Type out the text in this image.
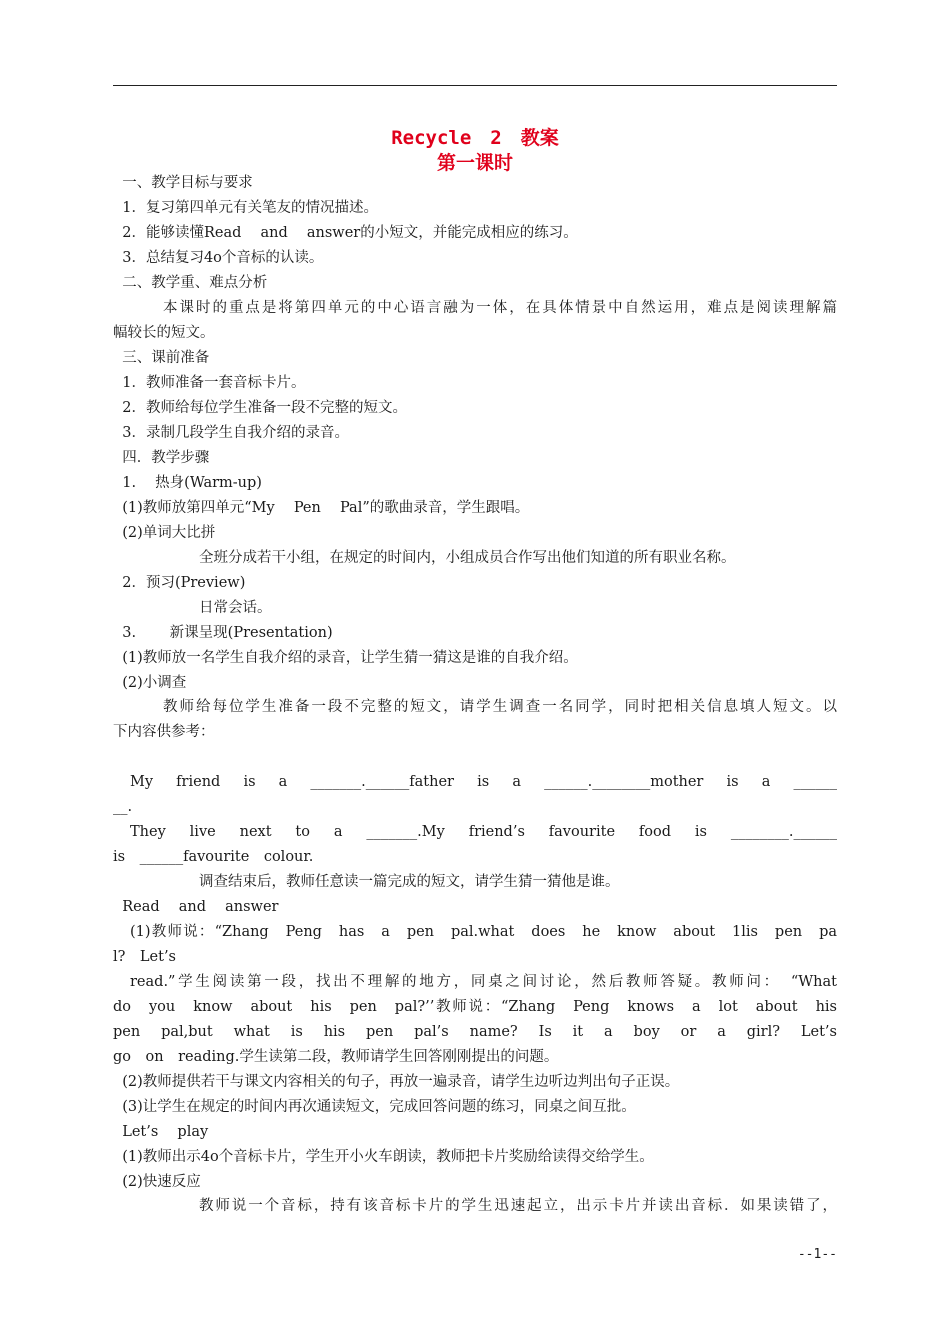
Recycle　2　教案
第一课时
一、教学目标与要求
1．复习第四单元有关笔友的情况描述。
2．能够读懂Read　 and　 answer的小短文，并能完成相应的练习。
3．总结复习4o个音标的认读。
二、教学重、难点分析
本课时的重点是将第四单元的中心语言融为一体，在具体情景中自然运用，难点是阅读理解篇
幅较长的短文。
三、课前准备
1．教师准备一套音标卡片。
2．教师给每位学生准备一段不完整的短文。
3．录制几段学生自我介绍的录音。
四．教学步骤
1.　 热身(Warm-up)
(1)教师放第四单元“My　 Pen　 Pal”的歌曲录音，学生跟唱。
(2)单词大比拼
全班分成若干小组，在规定的时间内，小组成员合作写出他们知道的所有职业名称。
2．预习(Preview)
日常会话。
3.　　 新课呈现(Presentation)
(1)教师放一名学生自我介绍的录音，让学生猜一猜这是谁的自我介绍。
(2)小调查
教师给每位学生准备一段不完整的短文，请学生调查一名同学，同时把相关信息填人短文。以
下内容供参考：
My　friend　is　a　_______.______father　is　a　______.________mother　is　a　______
__.
They　live　next　to　a　_______.My　friend’s　favourite　food　is　________.______
is　______favourite　colour.
调查结束后，教师任意读一篇完成的短文，请学生猜一猜他是谁。
Read　 and　 answer
(1)教师说：“Zhang　Peng　has　a　pen　pal.what　does　he　know　about　1lis　pen　pa
l?　Let’s
read.”学生阅读第一段，找出不理解的地方，同桌之间讨论，然后教师答疑。教师问：　“What
do　you　know　about　his　pen　pal?’’教师说：“Zhang　Peng　knows　a　lot　about　his
pen　pal,but　what　is　his　pen　pal’s　name?　Is　it　a　boy　or　a　girl?　Let’s
go　on　reading.学生读第二段，教师请学生回答刚刚提出的问题。
(2)教师提供若干与课文内容相关的句子，再放一遍录音，请学生边听边判出句子正误。
(3)让学生在规定的时间内再次通读短文，完成回答问题的练习，同桌之间互批。
Let’s　 play
(1)教师出示4o个音标卡片，学生开小火车朗读，教师把卡片奖励给读得交给学生。
(2)快速反应
教师说一个音标，持有该音标卡片的学生迅速起立，出示卡片并读出音标．如果读错了，
--1--
